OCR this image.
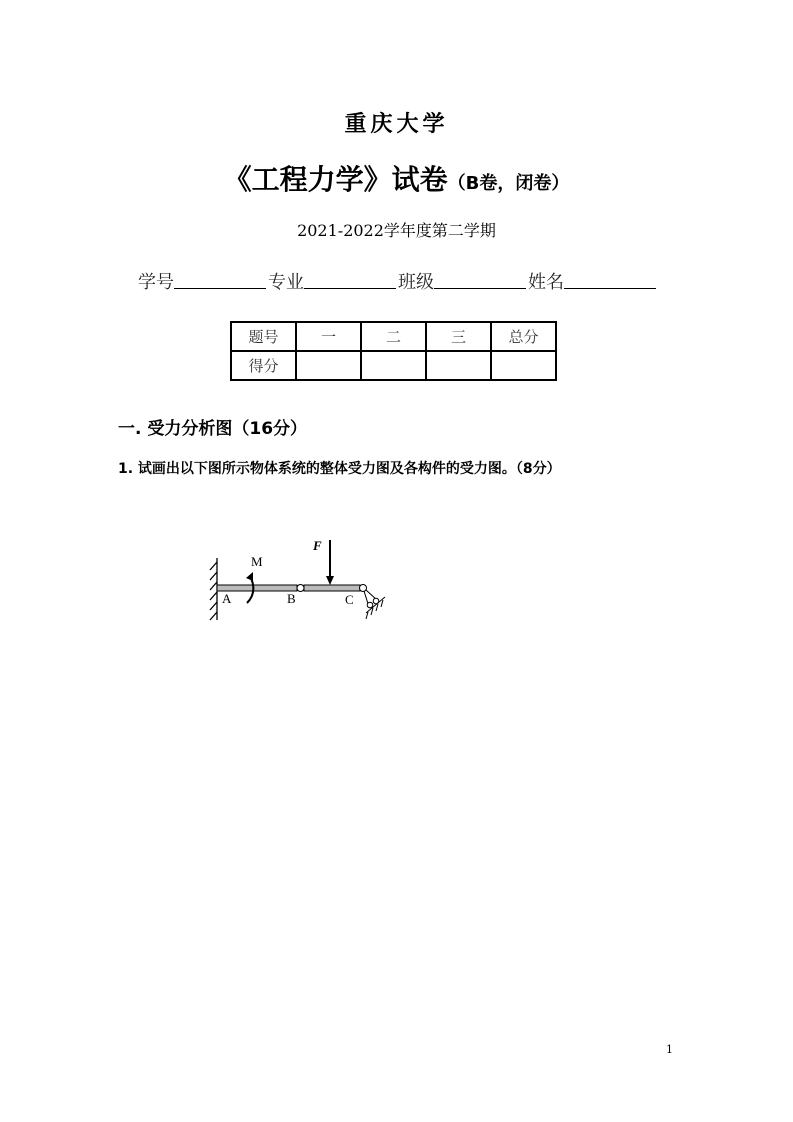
重庆大学
《工程力学》试卷（B卷，闭卷）
2021-2022学年度第二学期
学号	专业	班级	姓名
题号	一	二	三	总分
得分				
一. 受力分析图（16分）
1. 试画出以下图所示物体系统的整体受力图及各构件的受力图。（8分）
F
M
A	B	C
1
